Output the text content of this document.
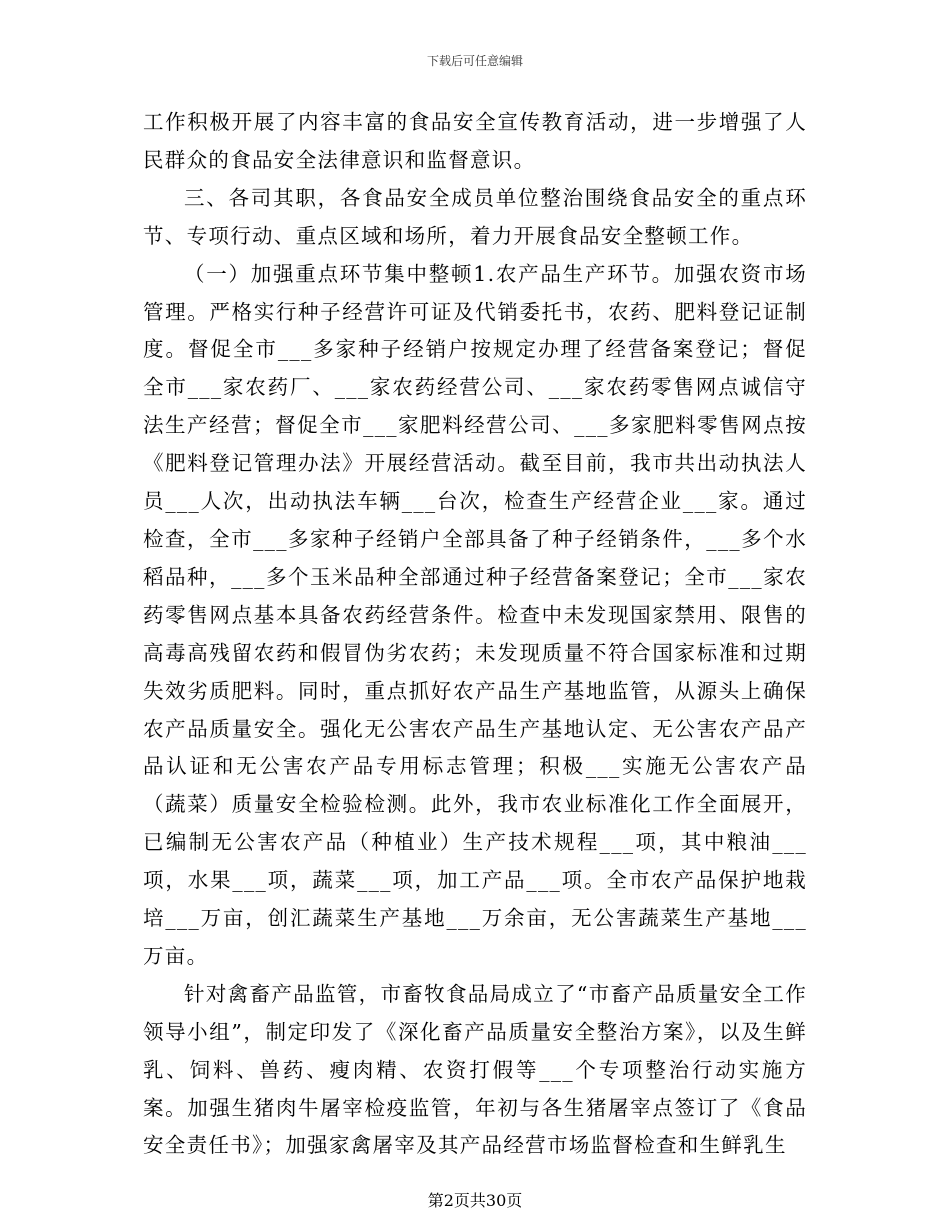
下载后可任意编辑

工作积极开展了内容丰富的食品安全宣传教育活动，进一步增强了人民群众的食品安全法律意识和监督意识。

三、各司其职，各食品安全成员单位整治围绕食品安全的重点环节、专项行动、重点区域和场所，着力开展食品安全整顿工作。

（一）加强重点环节集中整顿1.农产品生产环节。加强农资市场管理。严格实行种子经营许可证及代销委托书，农药、肥料登记证制度。督促全市___多家种子经销户按规定办理了经营备案登记；督促全市___家农药厂、___家农药经营公司、___家农药零售网点诚信守法生产经营；督促全市___家肥料经营公司、___多家肥料零售网点按《肥料登记管理办法》开展经营活动。截至目前，我市共出动执法人员___人次，出动执法车辆___台次，检查生产经营企业___家。通过检查，全市___多家种子经销户全部具备了种子经销条件，___多个水稻品种，___多个玉米品种全部通过种子经营备案登记；全市___家农药零售网点基本具备农药经营条件。检查中未发现国家禁用、限售的高毒高残留农药和假冒伪劣农药；未发现质量不符合国家标准和过期失效劣质肥料。同时，重点抓好农产品生产基地监管，从源头上确保农产品质量安全。强化无公害农产品生产基地认定、无公害农产品产品认证和无公害农产品专用标志管理；积极___实施无公害农产品（蔬菜）质量安全检验检测。此外，我市农业标准化工作全面展开，已编制无公害农产品（种植业）生产技术规程___项，其中粮油___项，水果___项，蔬菜___项，加工产品___项。全市农产品保护地栽培___万亩，创汇蔬菜生产基地___万余亩，无公害蔬菜生产基地___万亩。

针对禽畜产品监管，市畜牧食品局成立了“市畜产品质量安全工作领导小组”，制定印发了《深化畜产品质量安全整治方案》，以及生鲜乳、饲料、兽药、瘦肉精、农资打假等___个专项整治行动实施方案。加强生猪肉牛屠宰检疫监管，年初与各生猪屠宰点签订了《食品安全责任书》；加强家禽屠宰及其产品经营市场监督检查和生鲜乳生

第2页共30页
